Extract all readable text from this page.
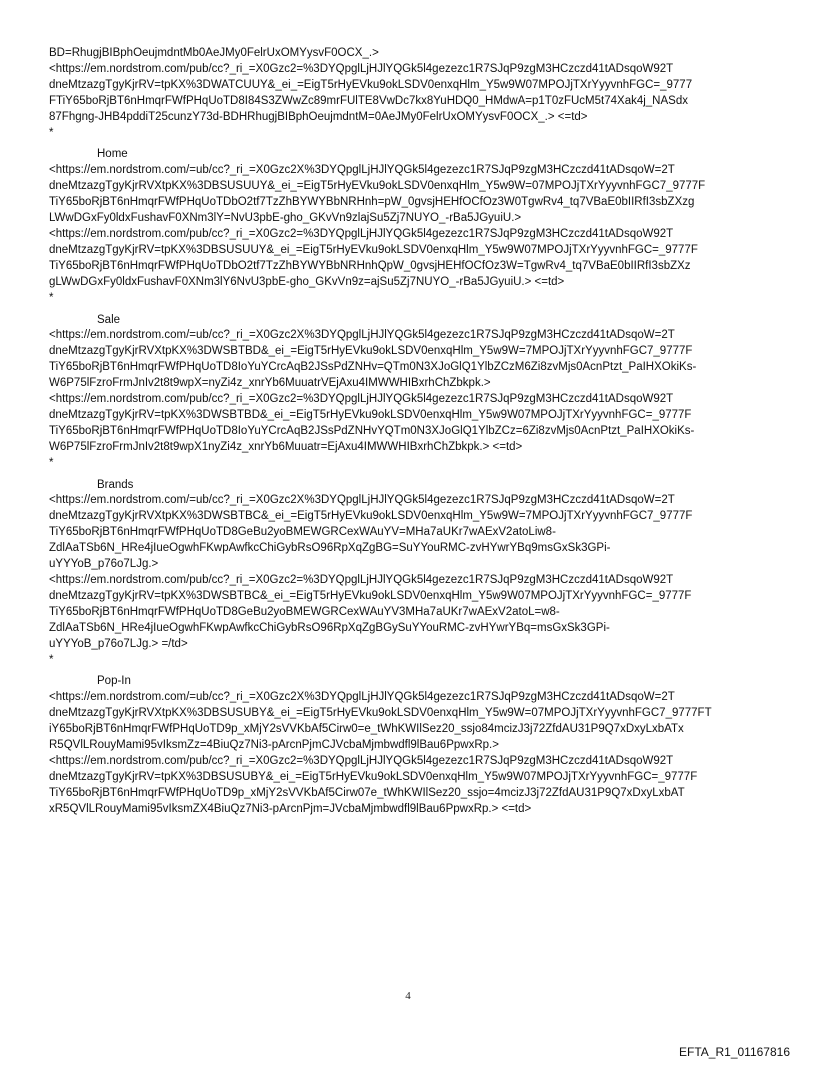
BD=RhugjBIBphOeujmdntMb0AeJMy0FelrUxOMYysvF0OCX_.>
<https://em.nordstrom.com/pub/cc?_ri_=X0Gzc2=%3DYQpglLjHJlYQGk5l4gezezc1R7SJqP9zgM3HCzczd41tADsqoW92T
dneMtzazgTgyKjrRV=tpKX%3DWATCUUY&_ei_=EigT5rHyEVku9okLSDV0enxqHlm_Y5w9W07MPOJjTXrYyyvnhFGC=_9777
FTiY65boRjBT6nHmqrFWfPHqUoTD8I84S3ZWwZc89mrFUlTE8VwDc7kx8YuHDQ0_HMdwA=p1T0zFUcM5t74Xak4j_NASdx
87Fhgng-JHB4pddiT25cunzY73d-BDHRhugjBIBphOeujmdntM=0AeJMy0FelrUxOMYysvF0OCX_.> <=td>
*
Home
<https://em.nordstrom.com/=ub/cc?_ri_=X0Gzc2X%3DYQpglLjHJlYQGk5l4gezezc1R7SJqP9zgM3HCzczd41tADsqoW=2T
dneMtzazgTgyKjrRVXtpKX%3DBSUSUUY&_ei_=EigT5rHyEVku9okLSDV0enxqHlm_Y5w9W=07MPOJjTXrYyyvnhFGC7_9777F
TiY65boRjBT6nHmqrFWfPHqUoTDbO2tf7TzZhBYWYBbNRHnh=pW_0gvsjHEHfOCfOz3W0TgwRv4_tq7VBaE0bIIRfI3sbZXzg
LWwDGxFy0ldxFushavF0XNm3lY=NvU3pbE-gho_GKvVn9zlajSu5Zj7NUYO_-rBa5JGyuiU.>
<https://em.nordstrom.com/pub/cc?_ri_=X0Gzc2=%3DYQpglLjHJlYQGk5l4gezezc1R7SJqP9zgM3HCzczd41tADsqoW92T
dneMtzazgTgyKjrRV=tpKX%3DBSUSUUY&_ei_=EigT5rHyEVku9okLSDV0enxqHlm_Y5w9W07MPOJjTXrYyyvnhFGC=_9777F
TiY65boRjBT6nHmqrFWfPHqUoTDbO2tf7TzZhBYWYBbNRHnhQpW_0gvsjHEHfOCfOz3W=TgwRv4_tq7VBaE0bIIRfI3sbZXz
gLWwDGxFy0ldxFushavF0XNm3lY6NvU3pbE-gho_GKvVn9z=ajSu5Zj7NUYO_-rBa5JGyuiU.> <=td>
*
Sale
<https://em.nordstrom.com/=ub/cc?_ri_=X0Gzc2X%3DYQpglLjHJlYQGk5l4gezezc1R7SJqP9zgM3HCzczd41tADsqoW=2T
dneMtzazgTgyKjrRVXtpKX%3DWSBTBD&_ei_=EigT5rHyEVku9okLSDV0enxqHlm_Y5w9W=7MPOJjTXrYyyvnhFGC7_9777F
TiY65boRjBT6nHmqrFWfPHqUoTD8IoYuYCrcAqB2JSsPdZNHv=QTm0N3XJoGlQ1YlbZCzM6Zi8zvMjs0AcnPtzt_PaIHXOkiKs-
W6P75lFzroFrmJnIv2t8t9wpX=nyZi4z_xnrYb6MuuatrVEjAxu4IMWWHIBxrhChZbkpk.>
<https://em.nordstrom.com/pub/cc?_ri_=X0Gzc2=%3DYQpglLjHJlYQGk5l4gezezc1R7SJqP9zgM3HCzczd41tADsqoW92T
dneMtzazgTgyKjrRV=tpKX%3DWSBTBD&_ei_=EigT5rHyEVku9okLSDV0enxqHlm_Y5w9W07MPOJjTXrYyyvnhFGC=_9777F
TiY65boRjBT6nHmqrFWfPHqUoTD8IoYuYCrcAqB2JSsPdZNHvYQTm0N3XJoGlQ1YlbZCz=6Zi8zvMjs0AcnPtzt_PaIHXOkiKs-
W6P75lFzroFrmJnIv2t8t9wpX1nyZi4z_xnrYb6Muuatr=EjAxu4IMWWHIBxrhChZbkpk.> <=td>
*
Brands
<https://em.nordstrom.com/=ub/cc?_ri_=X0Gzc2X%3DYQpglLjHJlYQGk5l4gezezc1R7SJqP9zgM3HCzczd41tADsqoW=2T
dneMtzazgTgyKjrRVXtpKX%3DWSBTBC&_ei_=EigT5rHyEVku9okLSDV0enxqHlm_Y5w9W=7MPOJjTXrYyyvnhFGC7_9777F
TiY65boRjBT6nHmqrFWfPHqUoTD8GeBu2yoBMEWGRCexWAuYV=MHa7aUKr7wAExV2atoLiw8-
ZdlAaTSb6N_HRe4jIueOgwhFKwpAwfkcChiGybRsO96RpXqZgBG=SuYYouRMC-zvHYwrYBq9msGxSk3GPi-
uYYYoB_p76o7LJg.>
<https://em.nordstrom.com/pub/cc?_ri_=X0Gzc2=%3DYQpglLjHJlYQGk5l4gezezc1R7SJqP9zgM3HCzczd41tADsqoW92T
dneMtzazgTgyKjrRV=tpKX%3DWSBTBC&_ei_=EigT5rHyEVku9okLSDV0enxqHlm_Y5w9W07MPOJjTXrYyyvnhFGC=_9777F
TiY65boRjBT6nHmqrFWfPHqUoTD8GeBu2yoBMEWGRCexWAuYV3MHa7aUKr7wAExV2atoL=w8-
ZdlAaTSb6N_HRe4jIueOgwhFKwpAwfkcChiGybRsO96RpXqZgBGySuYYouRMC-zvHYwrYBq=msGxSk3GPi-
uYYYoB_p76o7LJg.> =/td>
*
Pop-In
<https://em.nordstrom.com/=ub/cc?_ri_=X0Gzc2X%3DYQpglLjHJlYQGk5l4gezezc1R7SJqP9zgM3HCzczd41tADsqoW=2T
dneMtzazgTgyKjrRVXtpKX%3DBSUSUBY&_ei_=EigT5rHyEVku9okLSDV0enxqHlm_Y5w9W=07MPOJjTXrYyyvnhFGC7_9777FT
iY65boRjBT6nHmqrFWfPHqUoTD9p_xMjY2sVVKbAf5Cirw0=e_tWhKWIlSez20_ssjo84mcizJ3j72ZfdAU31P9Q7xDxyLxbATx
R5QVlLRouyMami95vIksmZz=4BiuQz7Ni3-pArcnPjmCJVcbaMjmbwdfl9lBau6PpwxRp.>
<https://em.nordstrom.com/pub/cc?_ri_=X0Gzc2=%3DYQpglLjHJlYQGk5l4gezezc1R7SJqP9zgM3HCzczd41tADsqoW92T
dneMtzazgTgyKjrRV=tpKX%3DBSUSUBY&_ei_=EigT5rHyEVku9okLSDV0enxqHlm_Y5w9W07MPOJjTXrYyyvnhFGC=_9777F
TiY65boRjBT6nHmqrFWfPHqUoTD9p_xMjY2sVVKbAf5Cirw07e_tWhKWIlSez20_ssjo=4mcizJ3j72ZfdAU31P9Q7xDxyLxbAT
xR5QVlLRouyMami95vIksmZX4BiuQz7Ni3-pArcnPjm=JVcbaMjmbwdfl9lBau6PpwxRp.> <=td>
4
EFTA_R1_01167816
